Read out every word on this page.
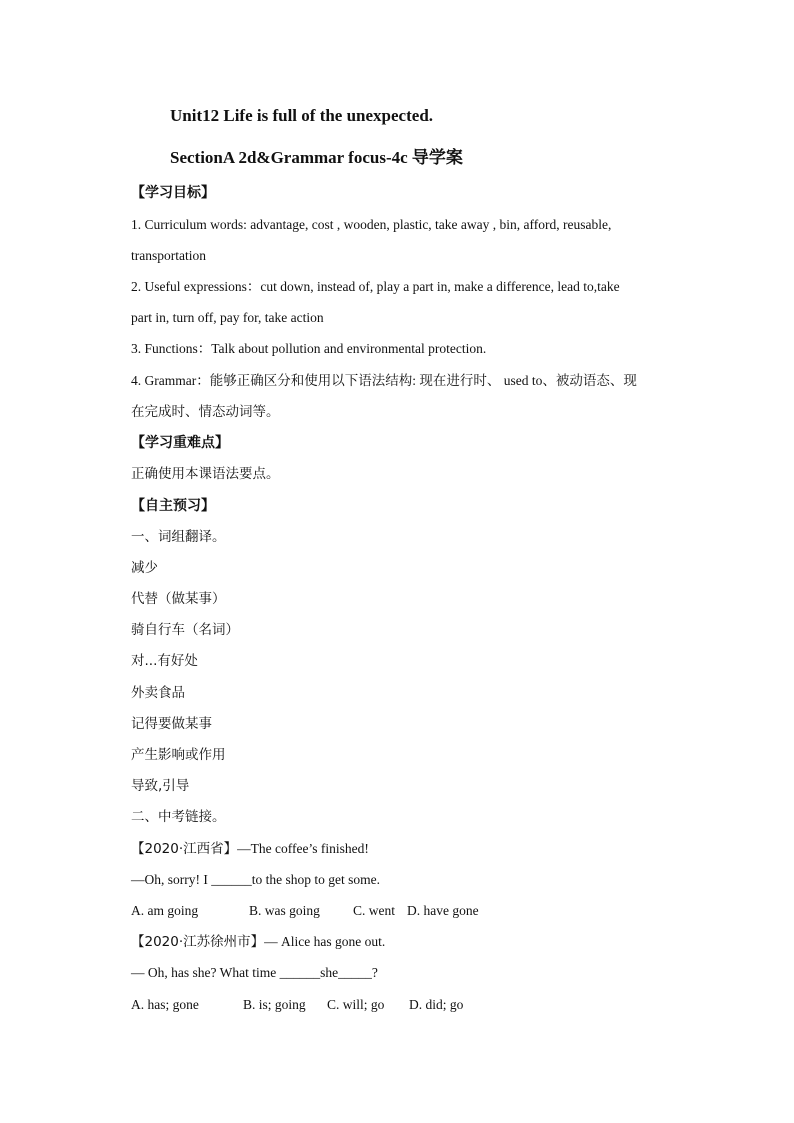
Unit12 Life is full of the unexpected.
SectionA 2d&Grammar focus-4c 导学案
【学习目标】
1. Curriculum words: advantage, cost , wooden, plastic, take away , bin, afford, reusable,
transportation
2. Useful expressions：cut down, instead of, play a part in, make a difference, lead to,take
part in, turn off, pay for, take action
3. Functions：Talk about pollution and environmental protection.
4. Grammar：能够正确区分和使用以下语法结构: 现在进行时、 used to、被动语态、现
在完成时、情态动词等。
【学习重难点】
正确使用本课语法要点。
【自主预习】
一、词组翻译。
减少
代替（做某事）
骑自行车（名词）
对...有好处
外卖食品
记得要做某事
产生影响或作用
导致,引导
二、中考链接。
【2020·江西省】—The coffee’s finished!
—Oh, sorry! I ______to the shop to get some.
A. am going	B. was going C. went D. have gone
【2020·江苏徐州市】— Alice has gone out.
— Oh, has she? What time ______she_____?
A. has; gone	B. is; going C. will; go D. did; go
